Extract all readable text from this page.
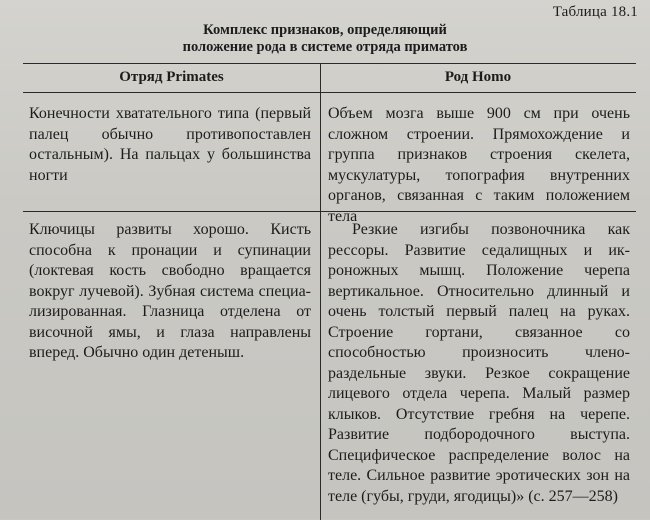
Таблица 18.1
Комплекс признаков, определяющий
положение рода в системе отряда приматов
Отряд Primates	Род Homo
Конечности хватательного типа (первый палец обычно противопоставлен остальным). На пальцах у большинства ногти
Объем мозга выше 900 см при очень сложном строении. Прямохождение и группа признаков строения скелета, мускулатуры, топография внутренних органов, связанная с таким положением тела
Ключицы развиты хорошо. Кисть способна к пронации и супинации (локтевая кость свободно вращается вокруг лучевой). Зубная система специализированная. Глазница отделена от височной ямы, и глаза направлены вперед. Обычно один детеныш.
Резкие изгибы позвоночника как рессоры. Развитие седалищных и икроножных мышц. Положение черепа вертикальное. Относительно длинный и очень толстый первый палец на руках. Строение гортани, связанное со способностью произносить членораздельные звуки. Резкое сокращение лицевого отдела черепа. Малый размер клыков. Отсутствие гребня на черепе. Развитие подбородочного выступа. Специфическое распределение волос на теле. Сильное развитие эротических зон на теле (губы, груди, ягодицы)» (с. 257—258)
